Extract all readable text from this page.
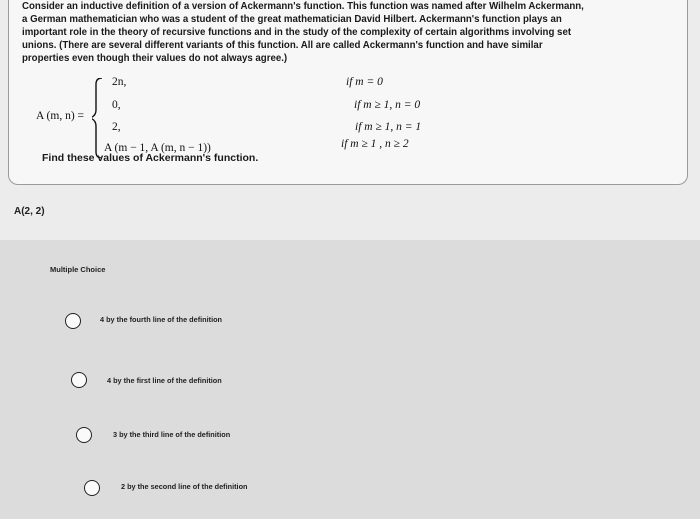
Consider an inductive definition of a version of Ackermann's function. This function was named after Wilhelm Ackermann,
a German mathematician who was a student of the great mathematician David Hilbert. Ackermann's function plays an
important role in the theory of recursive functions and in the study of the complexity of certain algorithms involving set
unions. (There are several different variants of this function. All are called Ackermann's function and have similar
properties even though their values do not always agree.)
A (m, n) =
2n,
0,
2,
A (m − 1, A (m, n − 1))
if m = 0
if m ≥ 1, n = 0
if m ≥ 1, n = 1
if m ≥ 1 , n ≥ 2
Find these values of Ackermann's function.
A(2, 2)
Multiple Choice
4 by the fourth line of the definition
4 by the first line of the definition
3 by the third line of the definition
2 by the second line of the definition
